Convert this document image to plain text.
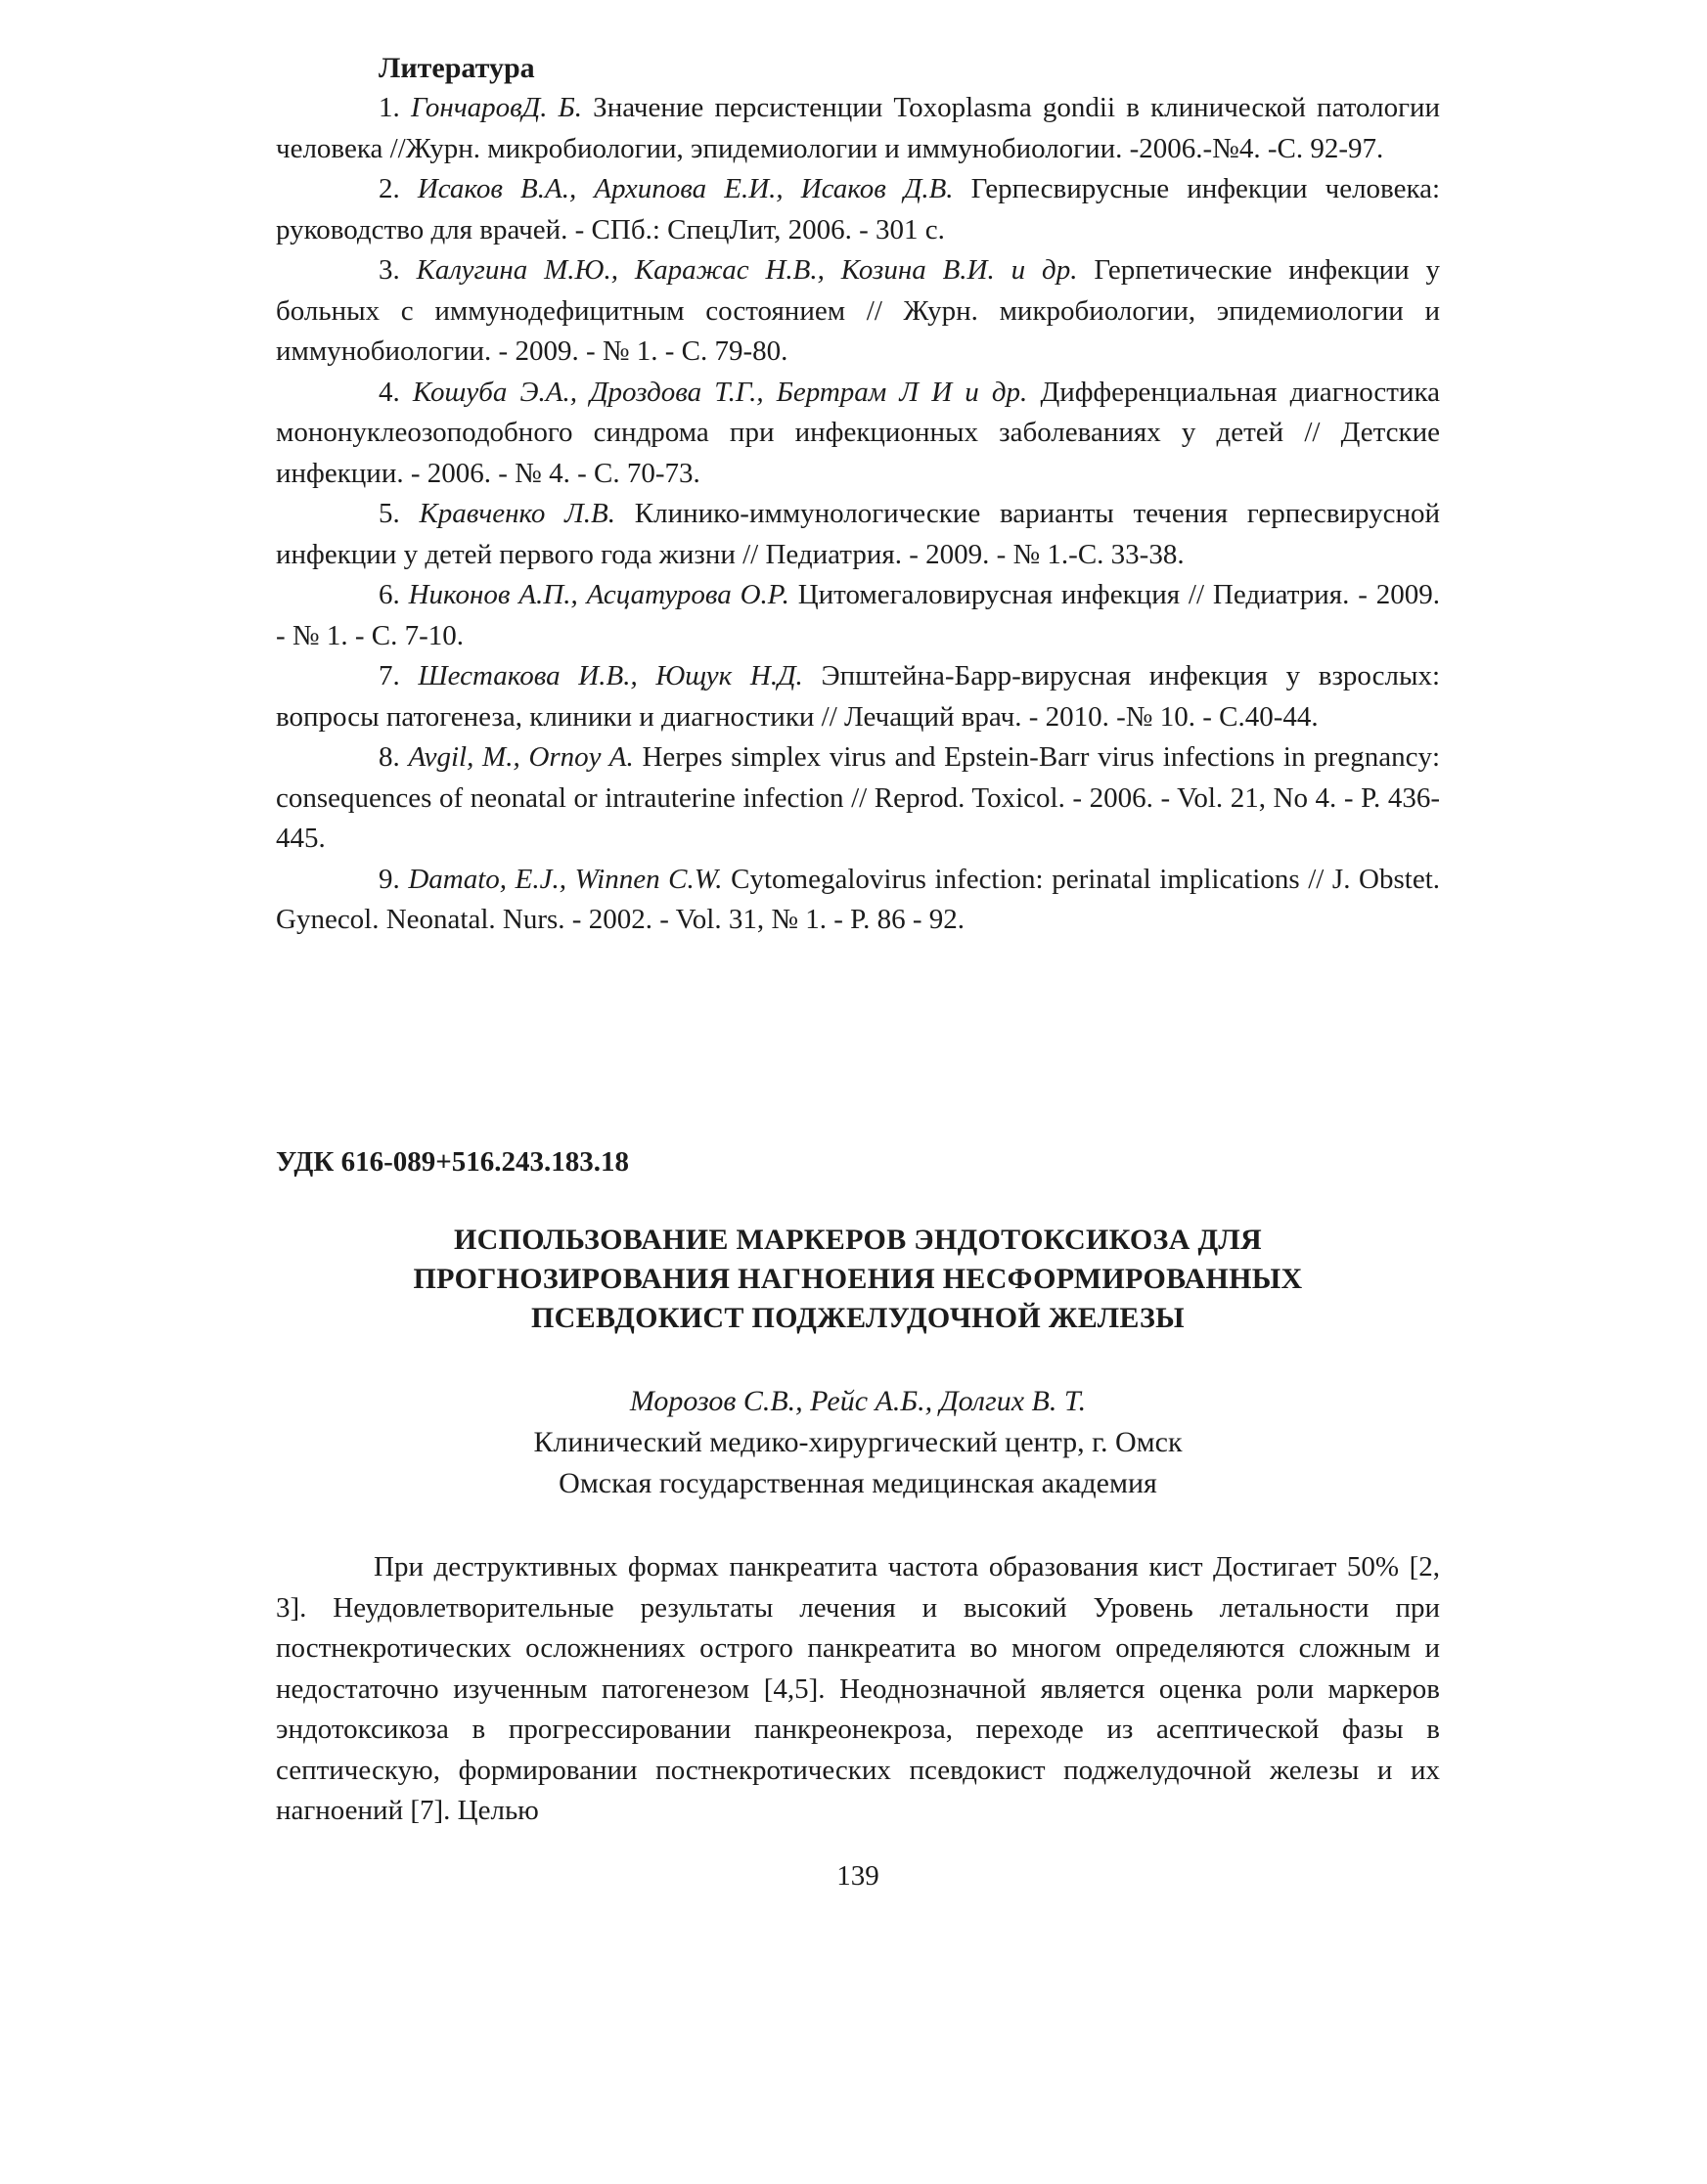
Литература

1. ГончаровД. Б. Значение персистенции Toxoplasma gondii в клинической патологии человека //Журн. микробиологии, эпидемиологии и иммунобиологии. -2006.-№4. -С. 92-97.

2. Исаков В.А., Архипова Е.И., Исаков Д.В. Герпесвирусные инфекции человека: руководство для врачей. - СПб.: СпецЛит, 2006. - 301 с.

3. Калугина М.Ю., Каражас Н.В., Козина В.И. и др. Герпетические инфекции у больных с иммунодефицитным состоянием // Журн. микробиологии, эпидемиологии и иммунобиологии. - 2009. - № 1. - С. 79-80.

4. Кошуба Э.А., Дроздова Т.Г., Бертрам Л И и др. Дифференциальная диагностика мононуклеозоподобного синдрома при инфекционных заболеваниях у детей // Детские инфекции. - 2006. - № 4. - С. 70-73.

5. Кравченко Л.В. Клинико-иммунологические варианты течения герпесвирусной инфекции у детей первого года жизни // Педиатрия. - 2009. - № 1.-С. 33-38.

6. Никонов А.П., Асцатурова О.Р. Цитомегаловирусная инфекция // Педиатрия. - 2009. - № 1. - С. 7-10.

7. Шестакова И.В., Ющук Н.Д. Эпштейна-Барр-вирусная инфекция у взрослых: вопросы патогенеза, клиники и диагностики // Лечащий врач. - 2010. -№ 10. - С.40-44.

8. Avgil, M., Ornoy A. Herpes simplex virus and Epstein-Barr virus infections in pregnancy: consequences of neonatal or intrauterine infection // Reprod. Toxicol. - 2006. - Vol. 21, No 4. - P. 436-445.

9. Damato, E.J., Winnen C.W. Cytomegalovirus infection: perinatal implications // J. Obstet. Gynecol. Neonatal. Nurs. - 2002. - Vol. 31, № 1. - P. 86 - 92.

УДК 616-089+516.243.183.18
ИСПОЛЬЗОВАНИЕ МАРКЕРОВ ЭНДОТОКСИКОЗА ДЛЯ
ПРОГНОЗИРОВАНИЯ НАГНОЕНИЯ НЕСФОРМИРОВАННЫХ
ПСЕВДОКИСТ ПОДЖЕЛУДОЧНОЙ ЖЕЛЕЗЫ
Морозов С.В., Рейс А.Б., Долгих В. Т.
Клинический медико-хирургический центр, г. Омск
Омская государственная медицинская академия

При деструктивных формах панкреатита частота образования кист Достигает 50% [2, 3]. Неудовлетворительные результаты лечения и высокий Уровень летальности при постнекротических осложнениях острого панкреатита во многом определяются сложным и недостаточно изученным патогенезом [4,5]. Неоднозначной является оценка роли маркеров эндотоксикоза в прогрессировании панкреонекроза, переходе из асептической фазы в септическую, формировании постнекротических псевдокист поджелудочной железы и их нагноений [7]. Целью

139
